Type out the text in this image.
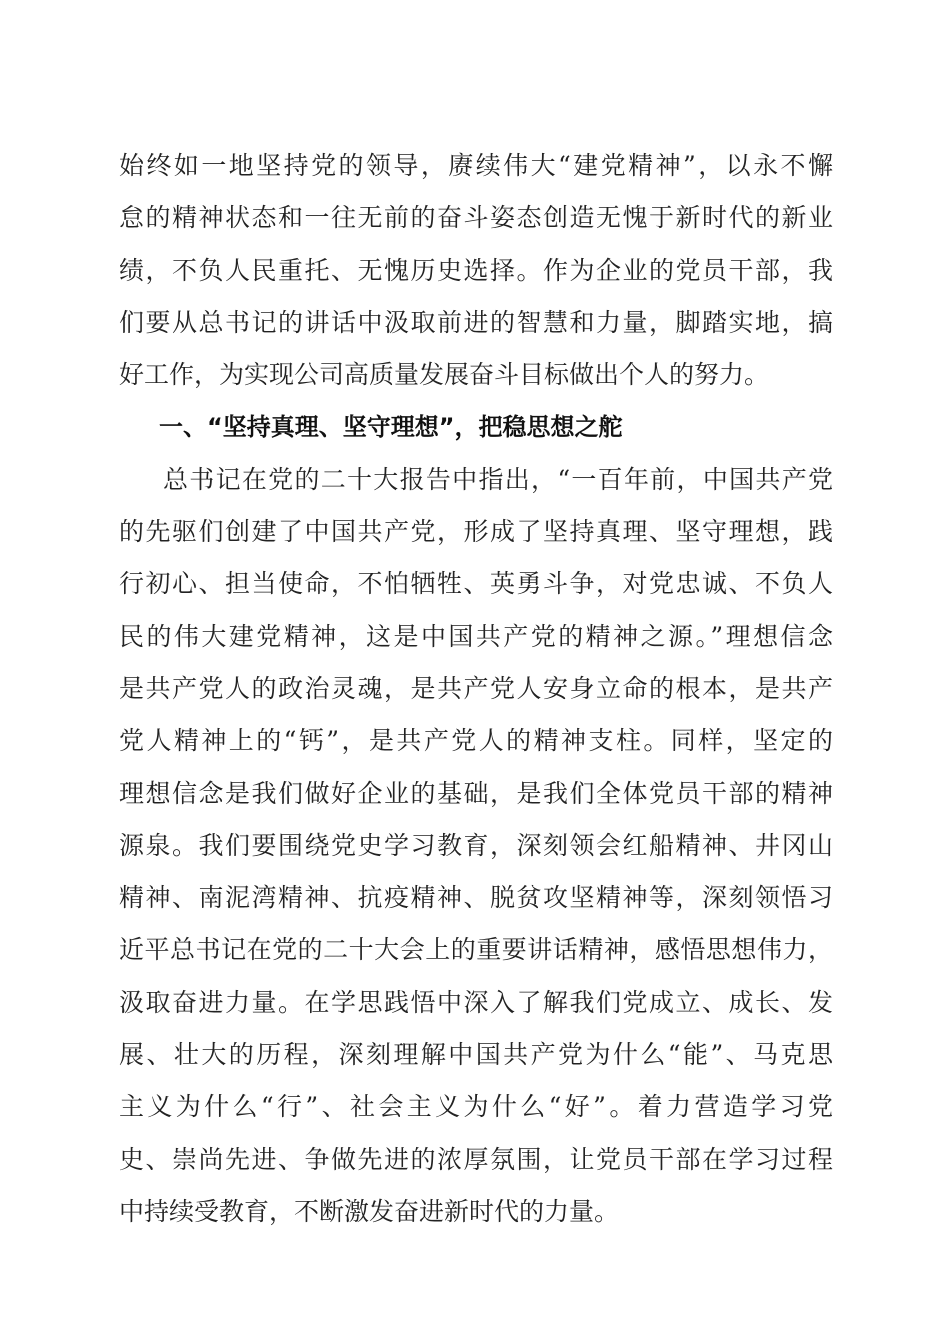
始终如一地坚持党的领导，赓续伟大“建党精神”，以永不懈
怠的精神状态和一往无前的奋斗姿态创造无愧于新时代的新业
绩，不负人民重托、无愧历史选择。作为企业的党员干部，我
们要从总书记的讲话中汲取前进的智慧和力量，脚踏实地，搞
好工作，为实现公司高质量发展奋斗目标做出个人的努力。
一、“坚持真理、坚守理想”，把稳思想之舵
总书记在党的二十大报告中指出，“一百年前，中国共产党
的先驱们创建了中国共产党，形成了坚持真理、坚守理想，践
行初心、担当使命，不怕牺牲、英勇斗争，对党忠诚、不负人
民的伟大建党精神，这是中国共产党的精神之源。”理想信念
是共产党人的政治灵魂，是共产党人安身立命的根本，是共产
党人精神上的“钙”，是共产党人的精神支柱。同样，坚定的
理想信念是我们做好企业的基础，是我们全体党员干部的精神
源泉。我们要围绕党史学习教育，深刻领会红船精神、井冈山
精神、南泥湾精神、抗疫精神、脱贫攻坚精神等，深刻领悟习
近平总书记在党的二十大会上的重要讲话精神，感悟思想伟力，
汲取奋进力量。在学思践悟中深入了解我们党成立、成长、发
展、壮大的历程，深刻理解中国共产党为什么“能”、马克思
主义为什么“行”、社会主义为什么“好”。着力营造学习党
史、崇尚先进、争做先进的浓厚氛围，让党员干部在学习过程
中持续受教育，不断激发奋进新时代的力量。
